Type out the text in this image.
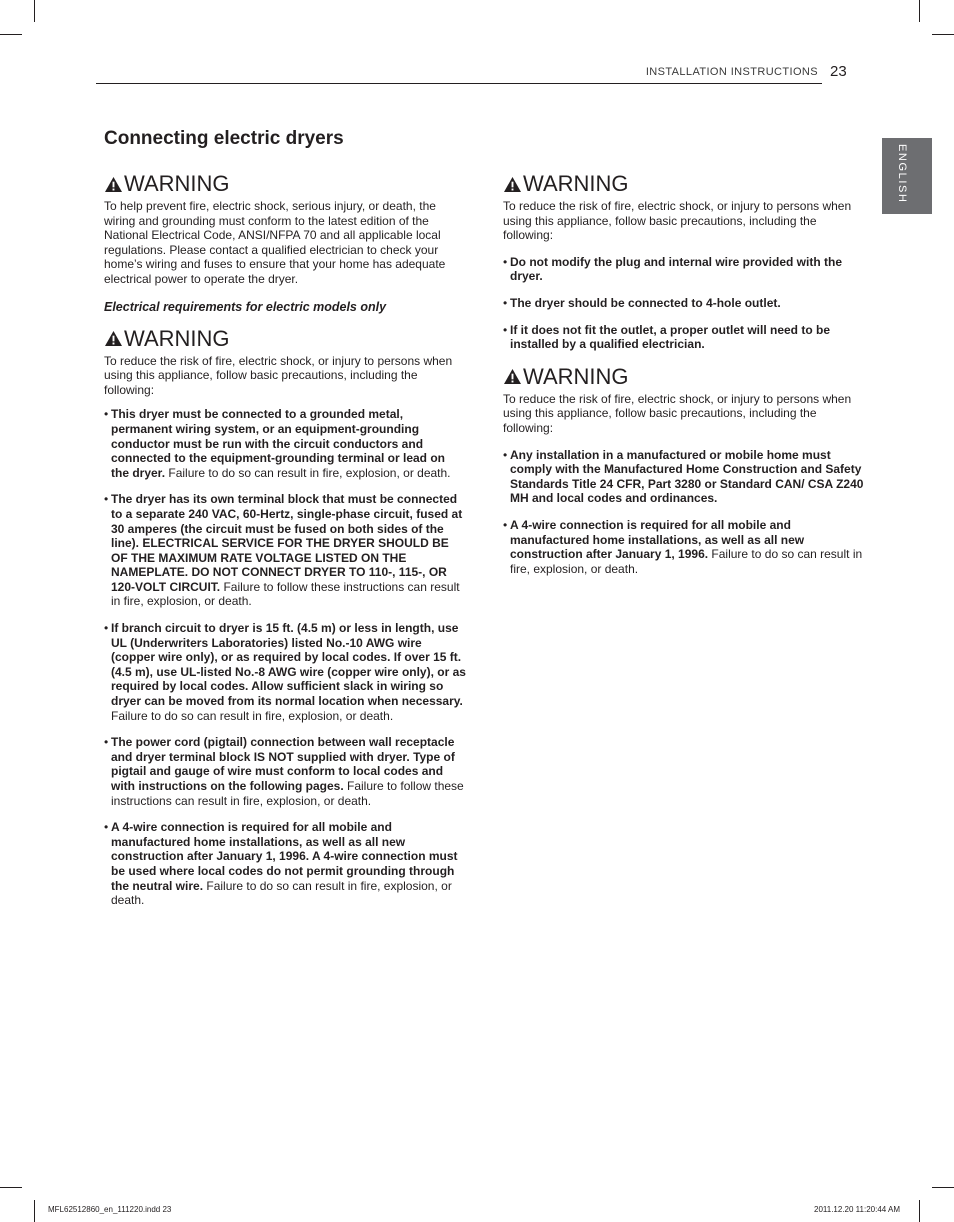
INSTALLATION INSTRUCTIONS 23
ENGLISH
Connecting electric dryers
WARNING

To help prevent fire, electric shock, serious injury, or death, the wiring and grounding must conform to the latest edition of the National Electrical Code, ANSI/NFPA 70 and all applicable local regulations. Please contact a qualified electrician to check your home’s wiring and fuses to ensure that your home has adequate electrical power to operate the dryer.

Electrical requirements for electric models only

WARNING

To reduce the risk of fire, electric shock, or injury to persons when using this appliance, follow basic precautions, including the following:

• This dryer must be connected to a grounded metal, permanent wiring system, or an equipment-grounding conductor must be run with the circuit conductors and connected to the equipment-grounding terminal or lead on the dryer. Failure to do so can result in fire, explosion, or death.
• The dryer has its own terminal block that must be connected to a separate 240 VAC, 60-Hertz, single-phase circuit, fused at 30 amperes (the circuit must be fused on both sides of the line). ELECTRICAL SERVICE FOR THE DRYER SHOULD BE OF THE MAXIMUM RATE VOLTAGE LISTED ON THE NAMEPLATE. DO NOT CONNECT DRYER TO 110-, 115-, OR 120-VOLT CIRCUIT. Failure to follow these instructions can result in fire, explosion, or death.
• If branch circuit to dryer is 15 ft. (4.5 m) or less in length, use UL (Underwriters Laboratories) listed No.-10 AWG wire (copper wire only), or as required by local codes. If over 15 ft. (4.5 m), use UL-listed No.-8 AWG wire (copper wire only), or as required by local codes. Allow sufficient slack in wiring so dryer can be moved from its normal location when necessary. Failure to do so can result in fire, explosion, or death.
• The power cord (pigtail) connection between wall receptacle and dryer terminal block IS NOT supplied with dryer. Type of pigtail and gauge of wire must conform to local codes and with instructions on the following pages. Failure to follow these instructions can result in fire, explosion, or death.
• A 4-wire connection is required for all mobile and manufactured home installations, as well as all new construction after January 1, 1996. A 4-wire connection must be used where local codes do not permit grounding through the neutral wire. Failure to do so can result in fire, explosion, or death.
WARNING

To reduce the risk of fire, electric shock, or injury to persons when using this appliance, follow basic precautions, including the following:

• Do not modify the plug and internal wire provided with the dryer.
• The dryer should be connected to 4-hole outlet.
• If it does not fit the outlet, a proper outlet will need to be installed by a qualified electrician.
WARNING

To reduce the risk of fire, electric shock, or injury to persons when using this appliance, follow basic precautions, including the following:

• Any installation in a manufactured or mobile home must comply with the Manufactured Home Construction and Safety Standards Title 24 CFR, Part 3280 or Standard CAN/ CSA Z240 MH and local codes and ordinances.
• A 4-wire connection is required for all mobile and manufactured home installations, as well as all new construction after January 1, 1996. Failure to do so can result in fire, explosion, or death.
MFL62512860_en_111220.indd 23	2011.12.20 11:20:44 AM
